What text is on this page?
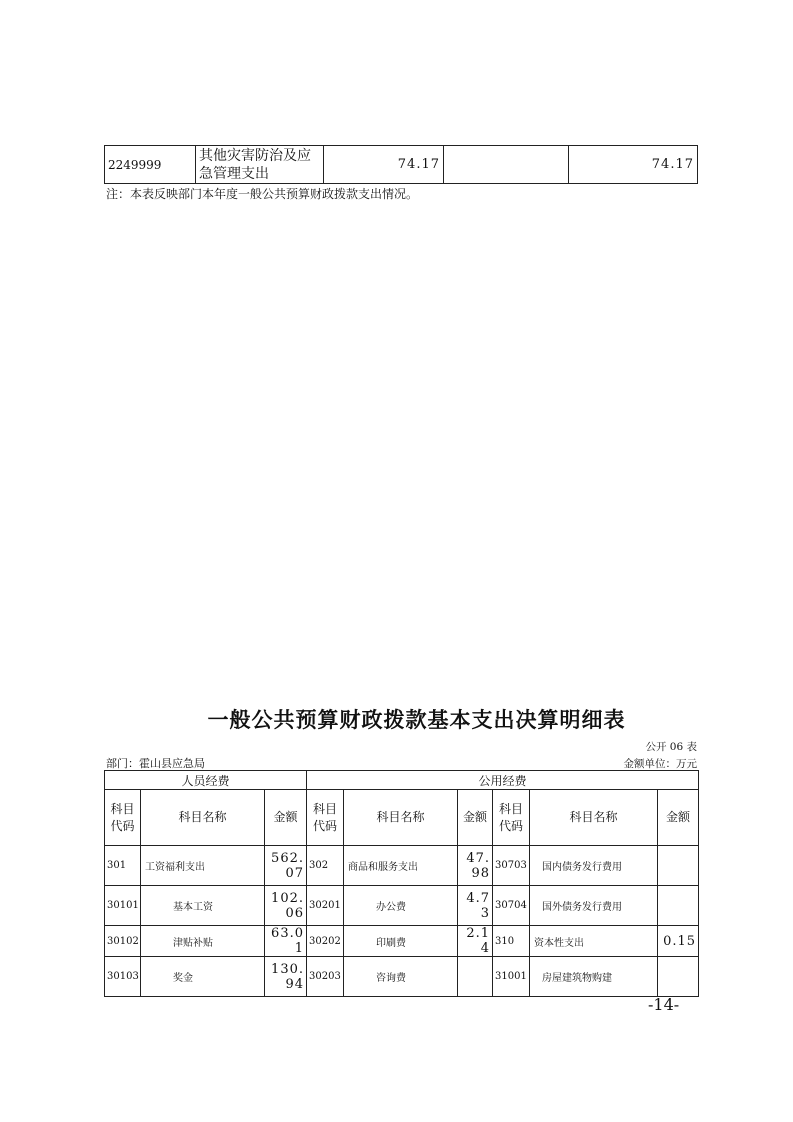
2249999	其他灾害防治及应急管理支出	74.17		74.17
注：本表反映部门本年度一般公共预算财政拨款支出情况。
一般公共预算财政拨款基本支出决算明细表
公开 06 表
部门：霍山县应急局	金额单位：万元
人员经费			公用经费					
科目代码	科目名称	金额	科目代码	科目名称	金额	科目代码	科目名称	金额
301	工资福利支出	562.07	302	商品和服务支出	47.98	30703	国内债务发行费用	
30101	基本工资	102.06	30201	办公费	4.73	30704	国外债务发行费用	
30102	津贴补贴	63.01	30202	印刷费	2.14	310	资本性支出	0.15
30103	奖金	130.94	30203	咨询费		31001	房屋建筑物购建	
-14-
